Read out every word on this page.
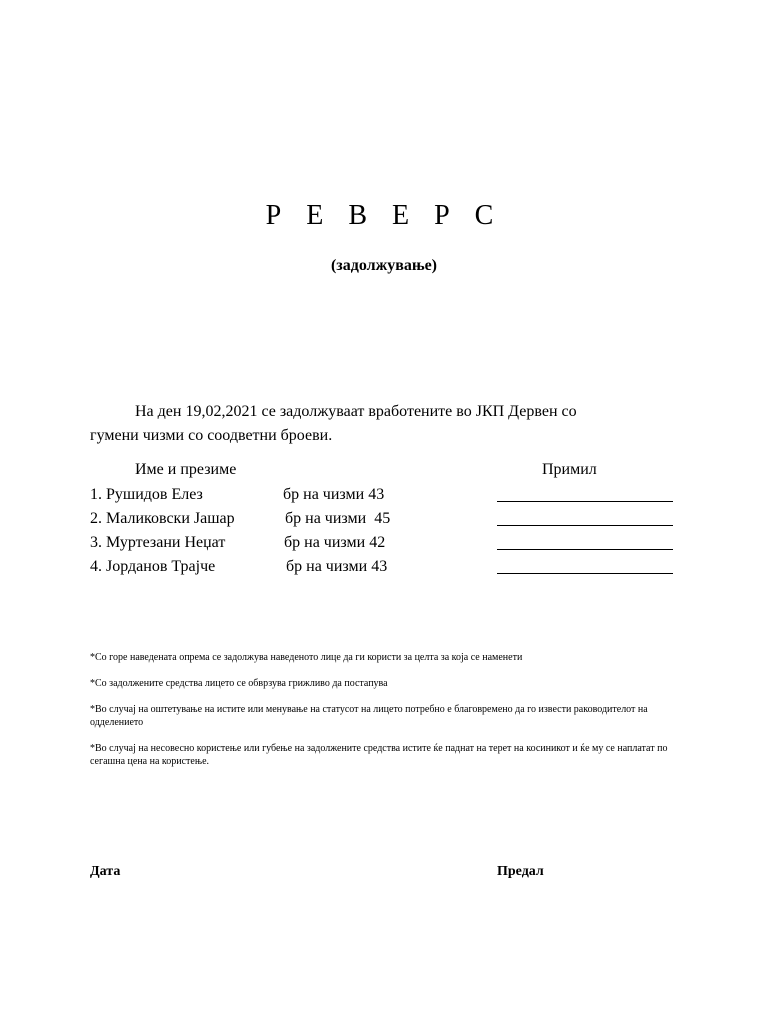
Р Е В Е Р С
(задолжување)
На ден 19,02,2021 се задолжуваат вработените во ЈКП Дервен со
гумени чизми со соодветни броеви.
Име и презиме	Примил
1. Рушидов Елез	бр на чизми 43
2. Маликовски Јашар	бр на чизми  45
3. Муртезани Неџат	бр на чизми 42
4. Јорданов Трајче	бр на чизми 43

*Со горе наведената опрема се задолжува наведеното лице да ги користи за целта за која се наменети

*Со задолжените средства лицето се обврзува грижливо да постапува

*Во случај на оштетување на истите или менување на статусот на лицето потребно е благовремено да го извести раководителот на одделението

*Во случај на несовесно користење или губење на задолжените средства истите ќе паднат на терет на косиникот и ќе му се наплатат по сегашна цена на користење.

Дата	Предал
